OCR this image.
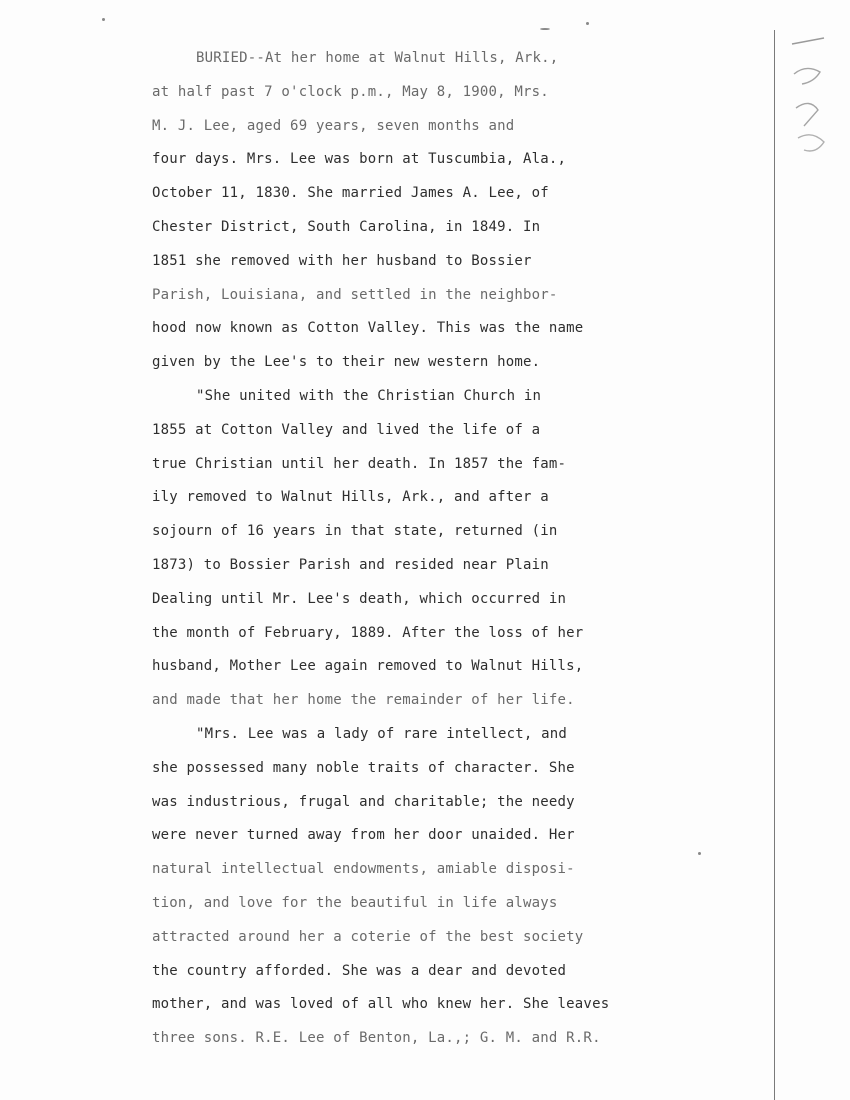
BURIED--At her home at Walnut Hills, Ark.,
at half past 7 o'clock p.m., May 8, 1900, Mrs.
M. J. Lee, aged 69 years, seven months and
four days. Mrs. Lee was born at Tuscumbia, Ala.,
October 11, 1830. She married James A. Lee, of
Chester District, South Carolina, in 1849. In
1851 she removed with her husband to Bossier
Parish, Louisiana, and settled in the neighbor-
hood now known as Cotton Valley. This was the name
given by the Lee's to their new western home.
"She united with the Christian Church in
1855 at Cotton Valley and lived the life of a
true Christian until her death. In 1857 the fam-
ily removed to Walnut Hills, Ark., and after a
sojourn of 16 years in that state, returned (in
1873) to Bossier Parish and resided near Plain
Dealing until Mr. Lee's death, which occurred in
the month of February, 1889. After the loss of her
husband, Mother Lee again removed to Walnut Hills,
and made that her home the remainder of her life.
"Mrs. Lee was a lady of rare intellect, and
she possessed many noble traits of character. She
was industrious, frugal and charitable; the needy
were never turned away from her door unaided. Her
natural intellectual endowments, amiable disposi-
tion, and love for the beautiful in life always
attracted around her a coterie of the best society
the country afforded. She was a dear and devoted
mother, and was loved of all who knew her. She leaves
three sons. R.E. Lee of Benton, La.,; G. M. and R.R.
